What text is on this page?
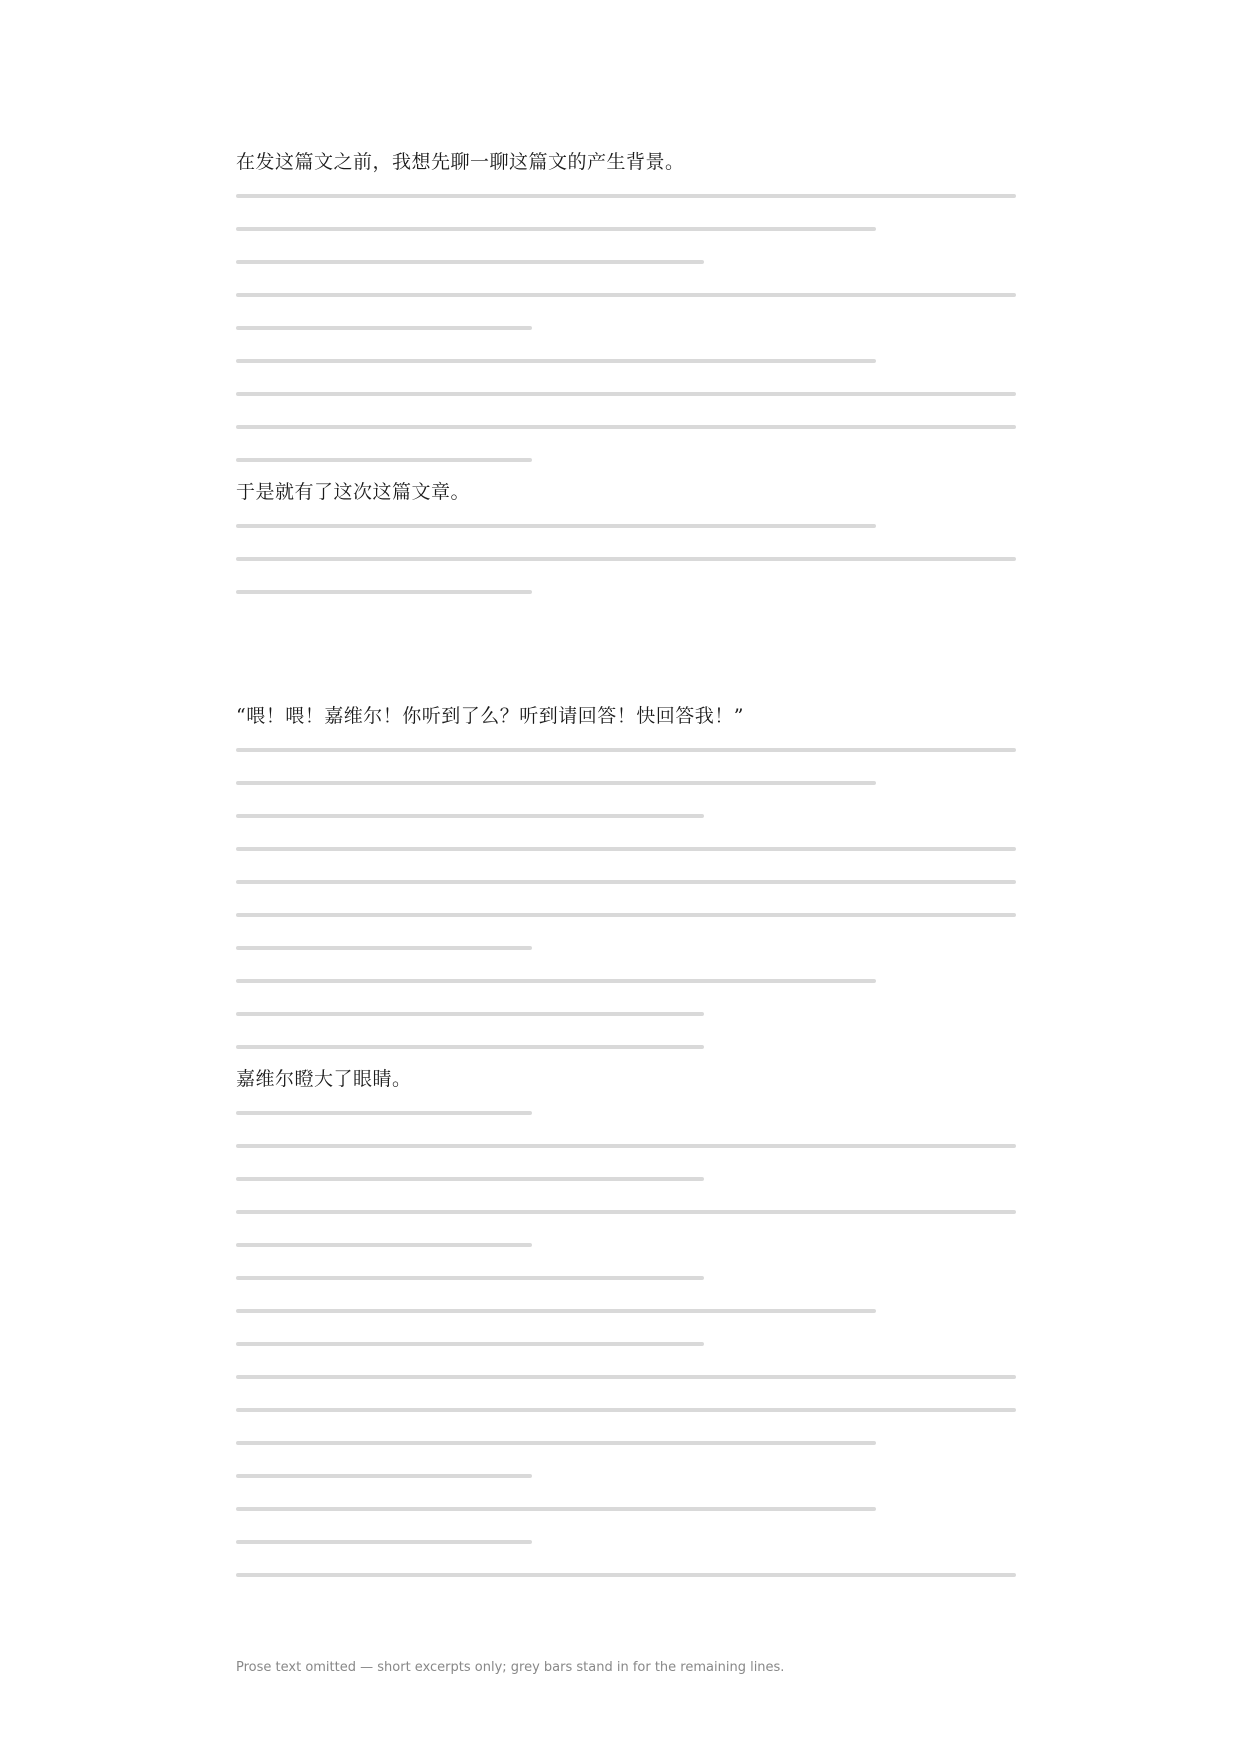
在发这篇文之前，我想先聊一聊这篇文的产生背景。

于是就有了这次这篇文章。

“喂！喂！嘉维尔！你听到了么？听到请回答！快回答我！”

嘉维尔瞪大了眼睛。

Prose text omitted — short excerpts only; grey bars stand in for the remaining lines.
